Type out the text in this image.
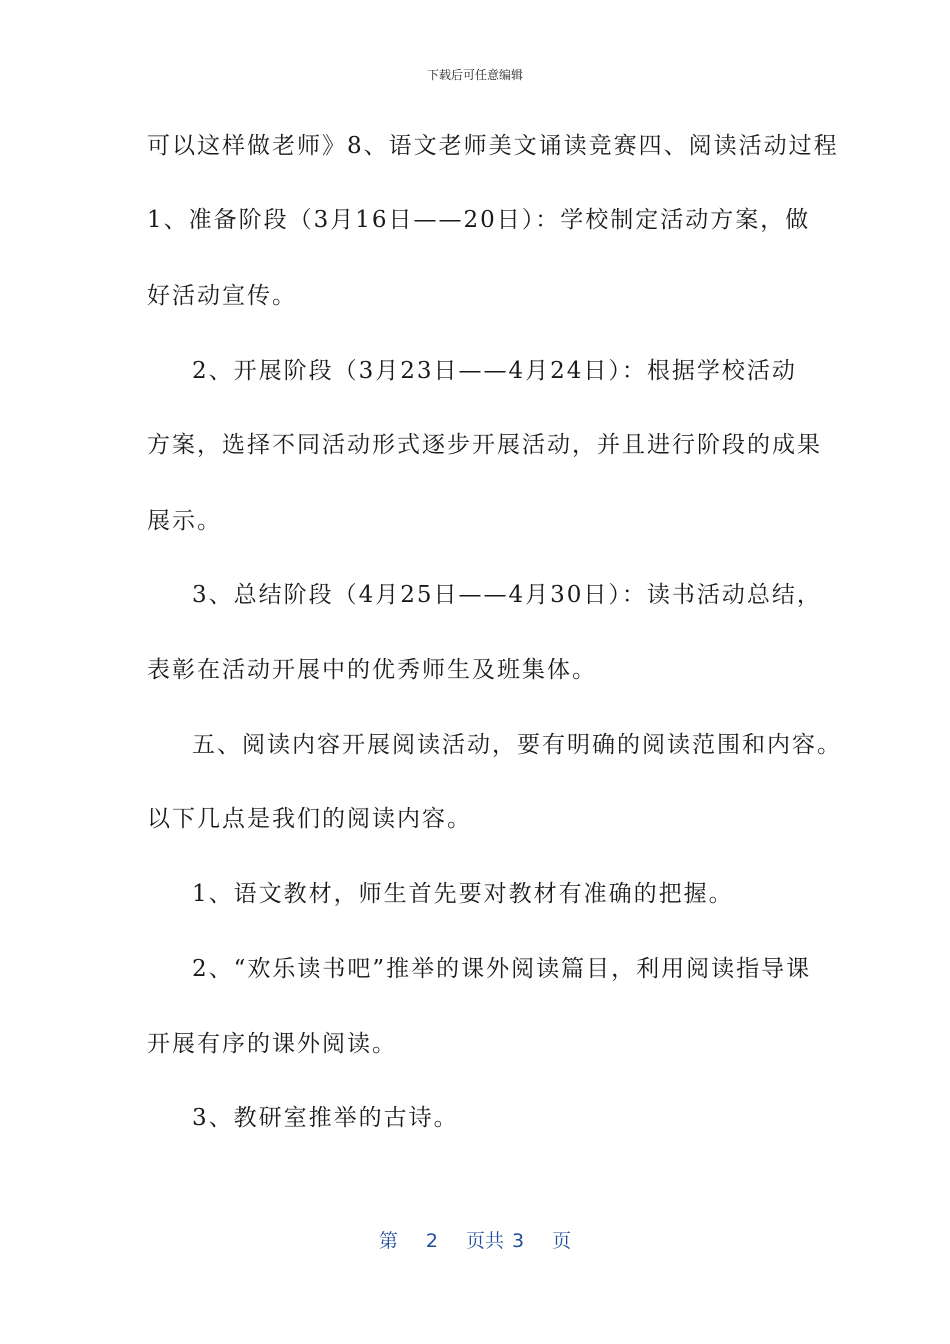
下载后可任意编辑
可以这样做老师》8、语文老师美文诵读竞赛四、阅读活动过程
1、准备阶段（3月16日——20日）：学校制定活动方案，做
好活动宣传。
2、开展阶段（3月23日——4月24日）：根据学校活动
方案，选择不同活动形式逐步开展活动，并且进行阶段的成果
展示。
3、总结阶段（4月25日——4月30日）：读书活动总结，
表彰在活动开展中的优秀师生及班集体。
五、阅读内容开展阅读活动，要有明确的阅读范围和内容。
以下几点是我们的阅读内容。
1、语文教材，师生首先要对教材有准确的把握。
2、“欢乐读书吧”推举的课外阅读篇目，利用阅读指导课
开展有序的课外阅读。
3、教研室推举的古诗。
第 2 页共 3 页
